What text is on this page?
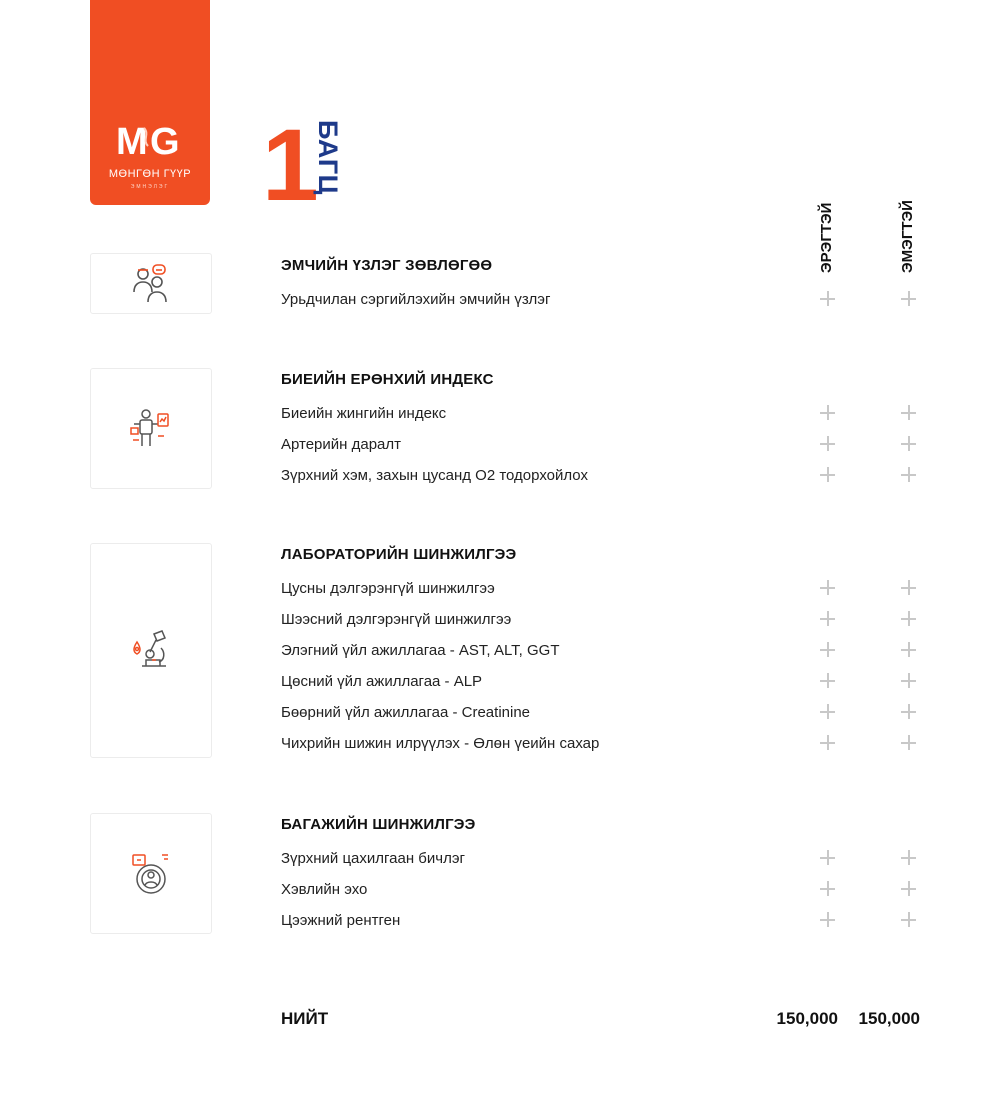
M G
МӨНГӨН ГҮҮР
ЭМНЭЛЭГ 1
БАГЦ
ЭРЭГТЭЙ	ЭМЭГТЭЙ
ЭМЧИЙН ҮЗЛЭГ ЗӨВЛӨГӨӨ
Урьдчилан сэргийлэхийн эмчийн үзлэг
БИЕИЙН ЕРӨНХИЙ ИНДЕКС
Биеийн жингийн индекс
Артерийн даралт
Зүрхний хэм, захын цусанд О2 тодорхойлох
ЛАБОРАТОРИЙН ШИНЖИЛГЭЭ
Цусны дэлгэрэнгүй шинжилгээ
Шээсний дэлгэрэнгүй шинжилгээ
Элэгний үйл ажиллагаа - AST, ALT, GGT
Цөсний үйл ажиллагаа - ALP
Бөөрний үйл ажиллагаа - Creatinine
Чихрийн шижин илрүүлэх - Өлөн үеийн сахар
БАГАЖИЙН ШИНЖИЛГЭЭ
Зүрхний цахилгаан бичлэг
Хэвлийн эхо
Цээжний рентген
НИЙТ	150,000	150,000
